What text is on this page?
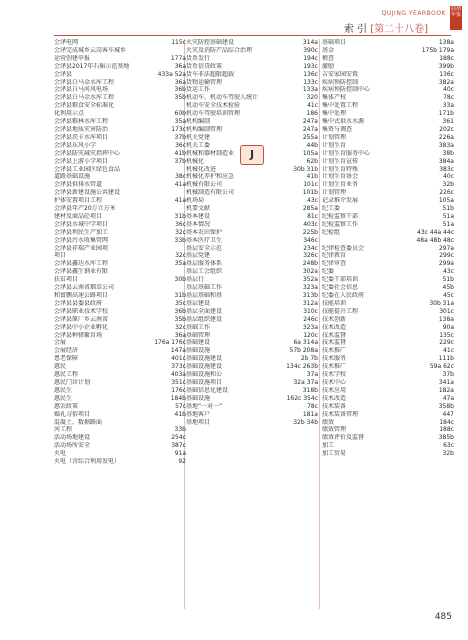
QUJING YEARBOOK
曲靖年鉴
索 引 [第二十八卷]
会泽电网	115c
会泽完成城乡云岗客车城乡
运营创建申报	177a
会泽县2017年石斛示范基地	36a
会泽县	433a 52a
会泽县白马金水库工程	36a
会泽县白马河风电场	36b
会泽县白马金水库工程	35b
会泽县粮食安全标准化
化利用示点	60b
会泽县粮林水库工程	35a
会泽县地质灾害防治	173c
会泽县茨卡水库项目	37b
会泽县东风小学	36c
会泽县防灾减灾指挥中心	41b
会泽县上游小学项目	37b
会泽县工业园区绿色食品
道路基础设施	38c
会泽县供排水管道	41a
会泽县新建设施公共建设
护体安置项目工程	41a
会泽县年产20万立方米
建材及商品砼项目	31b
会泽县水城中学项目	36c
会泽县利民生产加工	32c
会泽县污水收集管网	33b
会泽县祥瑞产业园项
项目	32c
会泽县鑫达水库工程	35a
会泽县鑫生钢业有限
扶贫项目	30b
会泽县云南省烟草公司
和富鹏高速公路项目	31b
会泽县县委县政府	35c
会泽县职业技术学校	36b
会泽县原厂乡云南省	35b
会泽县中小企业孵化	32c
会泽县种猪繁育场	36a
会展	176a 176c
会展经济	147a
患老保障	401c
惠民	373c
惠民工程	403a
惠民门诊计划	351c
惠民生	176c
惠民生	184b
惠农政策	57c
婚礼习俗项目	41b
混凝土、数据路面
河工程	33b
活动场地建设	254c
活动场所安全	387c
火电	91a
火电（含综合利用发电）	92
火灾防控基础建设	314a
火灾及消防产品综合治理	390c
货币发行	194c
货币信贷政策	193c
货车非法超限超载	136c
货物运输管理	133c
货运工作	133a
机动车、机动车驾驶人统计	320
机动车安全技术检验	41c
机动车驾驶培训管理	186
机构编制	247a
机构编制管理	247a
机关党建	255a
机关工委	44b
机械和器材制造业	105a
机械化	62b
机械化改进	30b 31b
机械化养护和应急	41b
机械有限公司	101c
机械制造有限公司	101b
机场局	43c
机要文献	285a
基本建设	81c
基本情况	403c
基本农田保护	225b
基本医疗卫生	346c
基层安全示范	234c
基层党建	326c
基层服务体系	248b
基层工会组织	302a
基层行	352a
基层基础工作	323a
基层基础和基	313b
基层建设	312a
基层全面建设	310c
基层组织建设	246c
基础工作	323a
基础管理	120c
基础建设	6a 314a
基础设施	57b 208a
基础设施建设	2b 7b
基础设施建设	134c 263b
基础设施和公	37a
基础设施项目	32a 37a
基础信息化建设	318b
基础设施	162c 354c
基地“一对一”	78c
基地客户	181a
基地项目	32b 34b
基础项目	138a
基金	175b 179a
稽查	188c
激励	399b
吉安家园安置	136c
疾病预防控制	382a
疾病预防控制中心	40c
集体产权	78c
集中处置工程	33a
集中处理	171b
集中式供水水源	361
集资与调查	202c
计划管理	226a
计划生育	383a
计划生育服务中心	38b
计划生育宣传	384a
计划生育特殊	383c
计划生育协会	40c
计划生育业务	32b
计划管理	226c
记录推介发展	105a
纪工委	51b
纪检监察干部	51a
纪检监察工作	51a
纪检组	43c 44a 44c
48a 48b 48c
纪律检查委员会	297a
纪律教育	299c
纪律审查	299a
纪委	43c
纪委干部培训	51b
纪委社会信息	45b
纪委在人民政府	45c
技能培训	30b 31a
技能提升工程	301c
技术创新	138a
技术改造	90a
技术监督	135c
技术监督	229c
技术推广	41c
技术服务	111b
技术推广	59a 62c
技术学校	37b
技术中心	341a
技术应用	182a
技术改造	47a
技术装备	358b
技术装备管理	447
绩效	184c
绩效管理	188c
绩效评价及监督	385b
加工	63c
加工贸易	32b
J
485
